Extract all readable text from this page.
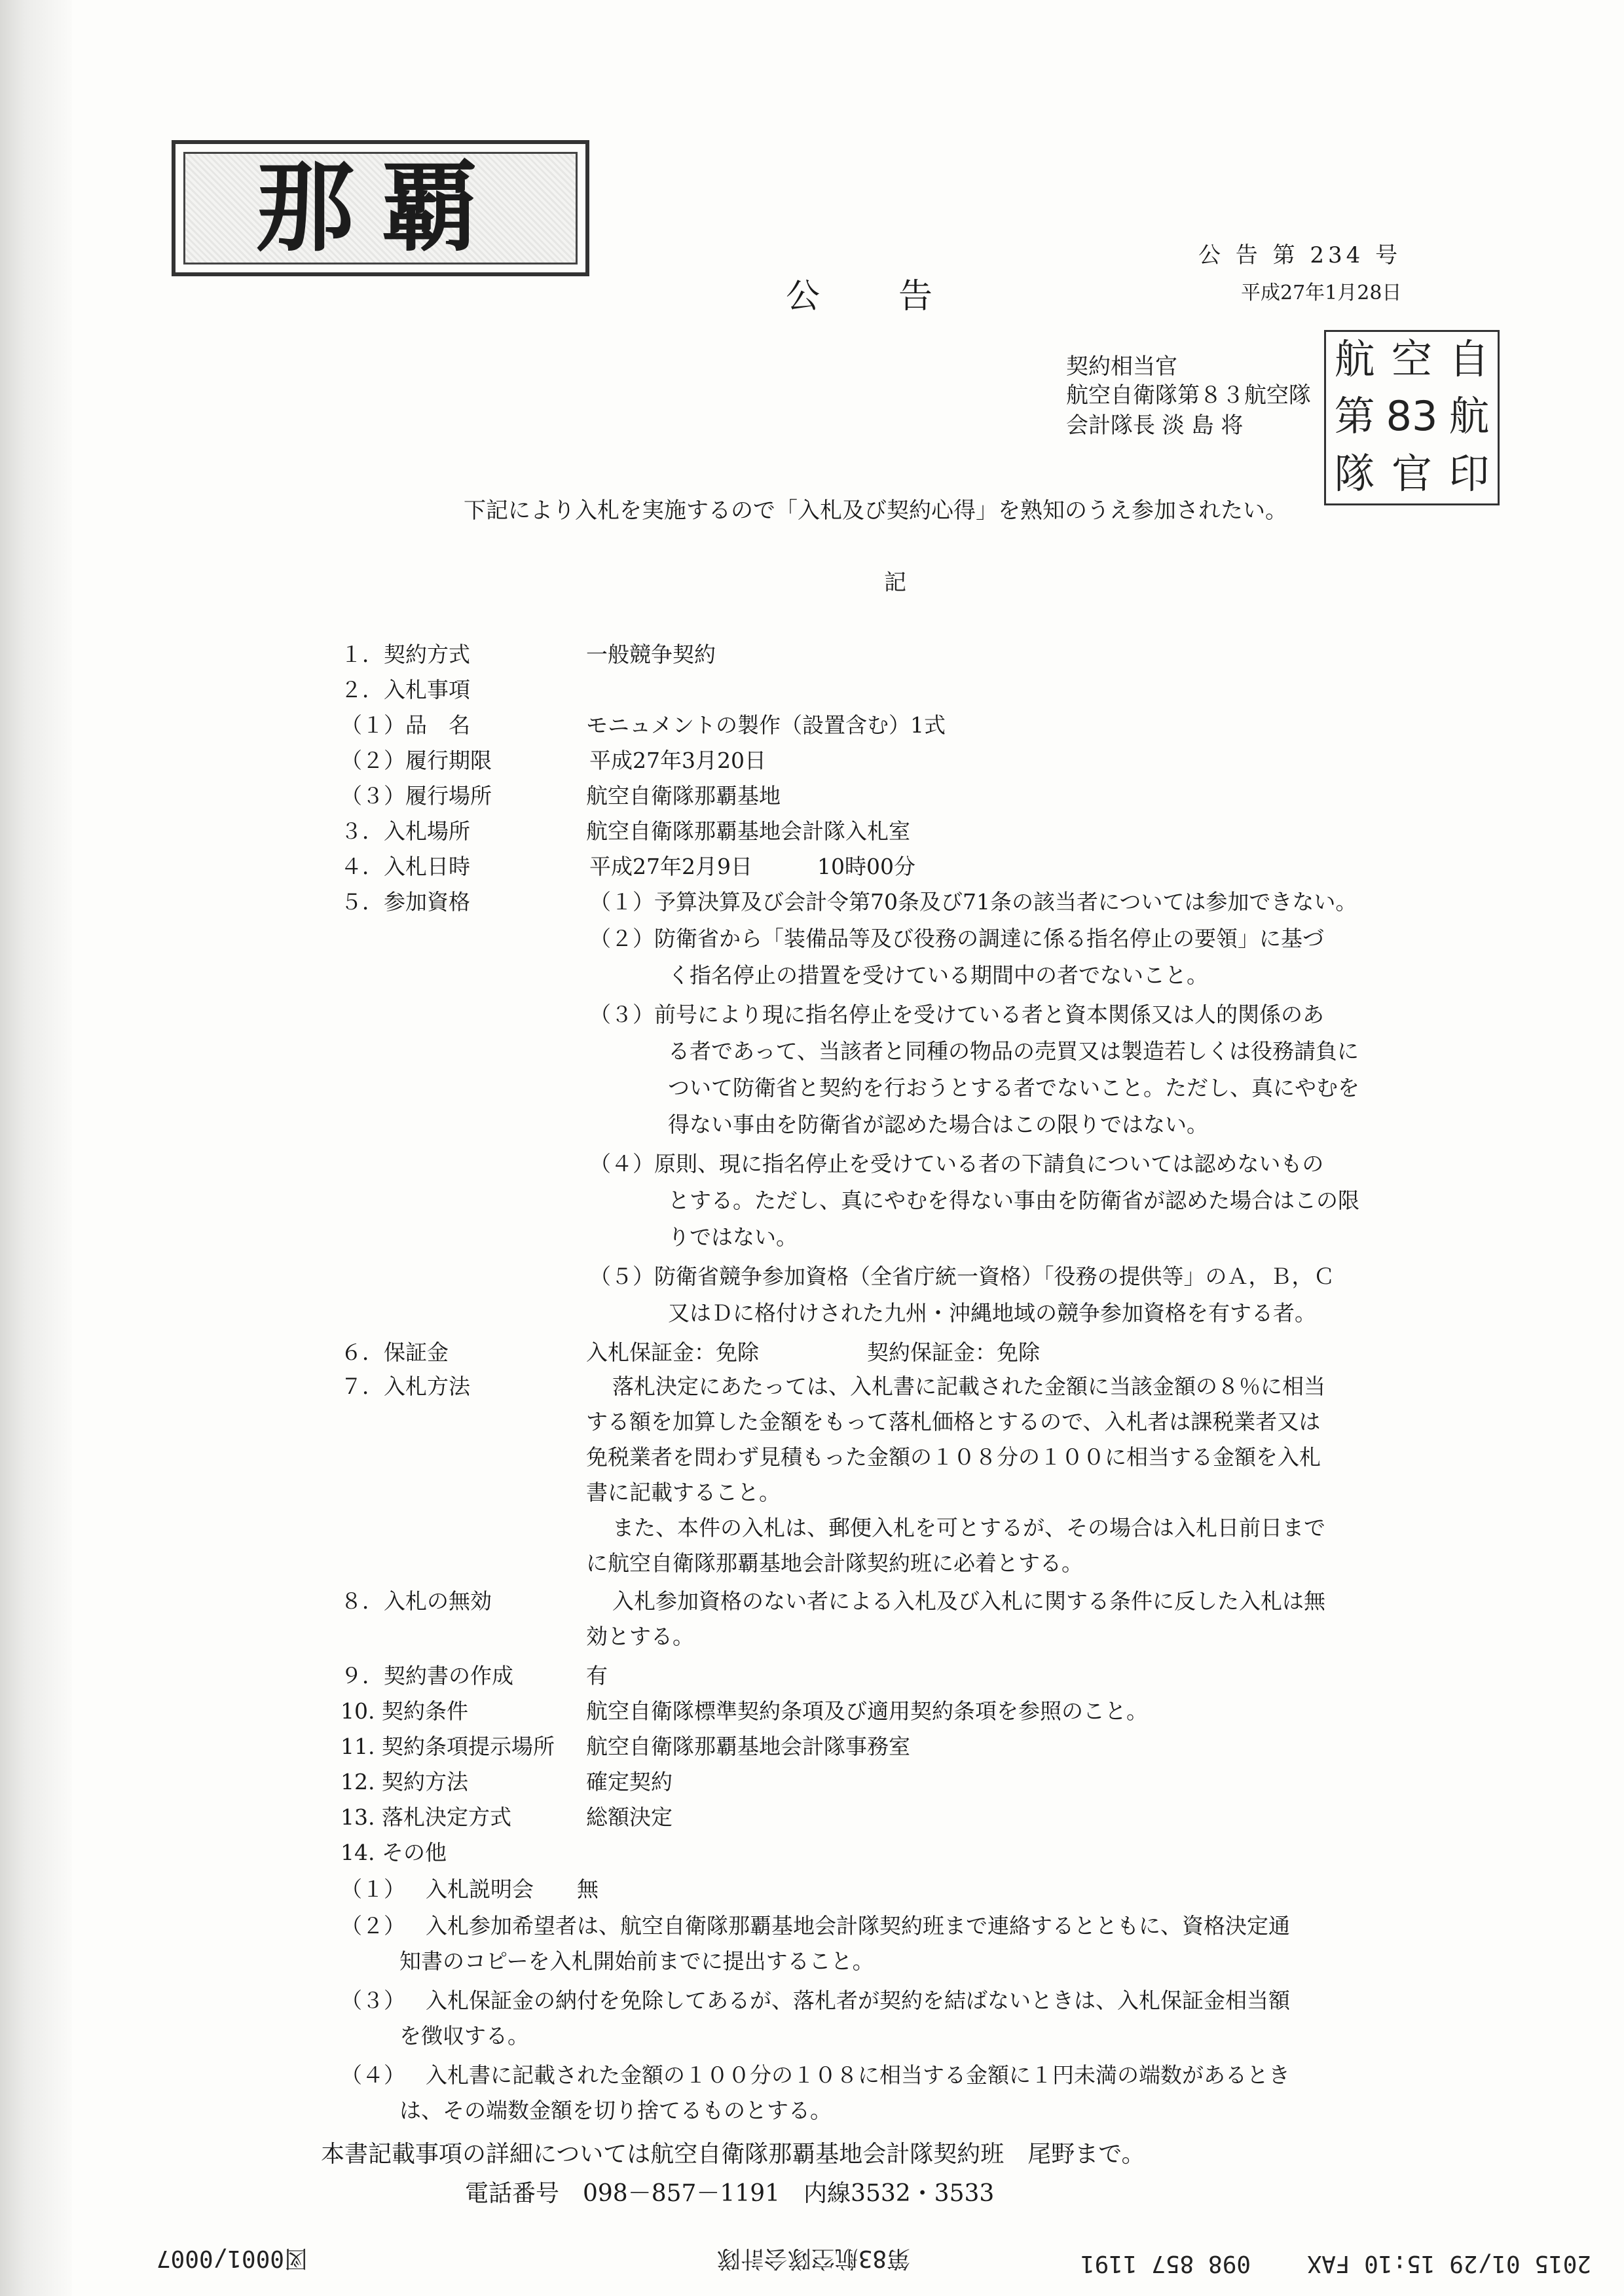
那覇	公 告 第 234 号
公告	平成27年1月28日
契約相当官
航空自衛隊第８３航空隊
会計隊長 淡 島 将
航 空 自
第 83 航
隊 官 印
下記により入札を実施するので「入札及び契約心得」を熟知のうえ参加されたい。
記
１．契約方式	一般競争契約
２．入札事項
（１）品　名	モニュメントの製作（設置含む）1式
（２）履行期限	平成27年3月20日
（３）履行場所	航空自衛隊那覇基地
３．入札場所	航空自衛隊那覇基地会計隊入札室
４．入札日時	平成27年2月9日　　　10時00分
５．参加資格	（１）予算決算及び会計令第70条及び71条の該当者については参加できない。
（２）防衛省から「装備品等及び役務の調達に係る指名停止の要領」に基づ
く指名停止の措置を受けている期間中の者でないこと。
（３）前号により現に指名停止を受けている者と資本関係又は人的関係のあ
る者であって、当該者と同種の物品の売買又は製造若しくは役務請負に
ついて防衛省と契約を行おうとする者でないこと。ただし、真にやむを
得ない事由を防衛省が認めた場合はこの限りではない。
（４）原則、現に指名停止を受けている者の下請負については認めないもの
とする。ただし、真にやむを得ない事由を防衛省が認めた場合はこの限
りではない。
（５）防衛省競争参加資格（全省庁統一資格）「役務の提供等」のＡ，Ｂ，Ｃ
又はＤに格付けされた九州・沖縄地域の競争参加資格を有する者。
６．保証金	入札保証金：免除　　　　　契約保証金：免除
７．入札方法	落札決定にあたっては、入札書に記載された金額に当該金額の８％に相当
する額を加算した金額をもって落札価格とするので、入札者は課税業者又は
免税業者を問わず見積もった金額の１０８分の１００に相当する金額を入札
書に記載すること。
また、本件の入札は、郵便入札を可とするが、その場合は入札日前日まで
に航空自衛隊那覇基地会計隊契約班に必着とする。
８．入札の無効	入札参加資格のない者による入札及び入札に関する条件に反した入札は無
効とする。
９．契約書の作成	有
10. 契約条件	航空自衛隊標準契約条項及び適用契約条項を参照のこと。
11. 契約条項提示場所 航空自衛隊那覇基地会計隊事務室
12. 契約方法	確定契約
13. 落札決定方式	総額決定
14. その他
（１） 入札説明会　　無
（２） 入札参加希望者は、航空自衛隊那覇基地会計隊契約班まで連絡するとともに、資格決定通
知書のコピーを入札開始前までに提出すること。
（３） 入札保証金の納付を免除してあるが、落札者が契約を結ばないときは、入札保証金相当額
を徴収する。
（４） 入札書に記載された金額の１００分の１０８に相当する金額に１円未満の端数があるとき
は、その端数金額を切り捨てるものとする。
本書記載事項の詳細については航空自衛隊那覇基地会計隊契約班　尾野まで。
電話番号　098－857－1191　内線3532・3533
2015 01/29 15:10 FAX
098 857 1191
第83航空隊会計隊
図0001/0007
